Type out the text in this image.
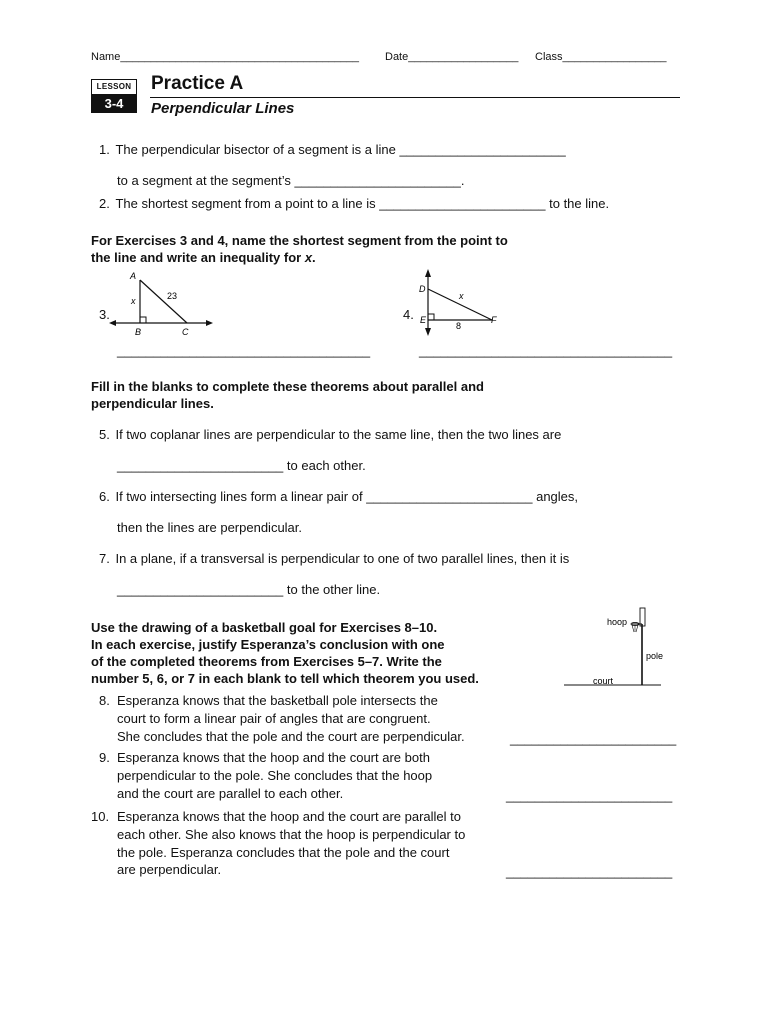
Name_______________________________________ Date__________________ Class_________________
LESSON
3-4
Practice A
Perpendicular Lines
1. The perpendicular bisector of a segment is a line _______________________
to a segment at the segment’s _______________________.
2. The shortest segment from a point to a line is _______________________ to the line.
For Exercises 3 and 4, name the shortest segment from the point to
the line and write an inequality for x.
3.
A
x	23
B	C
___________________________________
4.
D
x
E
8
F
___________________________________
Fill in the blanks to complete these theorems about parallel and
perpendicular lines.
5. If two coplanar lines are perpendicular to the same line, then the two lines are
_______________________ to each other.
6. If two intersecting lines form a linear pair of _______________________ angles,
then the lines are perpendicular.
7. In a plane, if a transversal is perpendicular to one of two parallel lines, then it is
_______________________ to the other line.
Use the drawing of a basketball goal for Exercises 8–10.
In each exercise, justify Esperanza’s conclusion with one
of the completed theorems from Exercises 5–7. Write the
number 5, 6, or 7 in each blank to tell which theorem you used.
hoop
pole
court
8. Esperanza knows that the basketball pole intersects the
court to form a linear pair of angles that are congruent.
She concludes that the pole and the court are perpendicular.	_______________________
9. Esperanza knows that the hoop and the court are both
perpendicular to the pole. She concludes that the hoop
and the court are parallel to each other.	_______________________
10. Esperanza knows that the hoop and the court are parallel to
each other. She also knows that the hoop is perpendicular to
the pole. Esperanza concludes that the pole and the court
are perpendicular.	_______________________
